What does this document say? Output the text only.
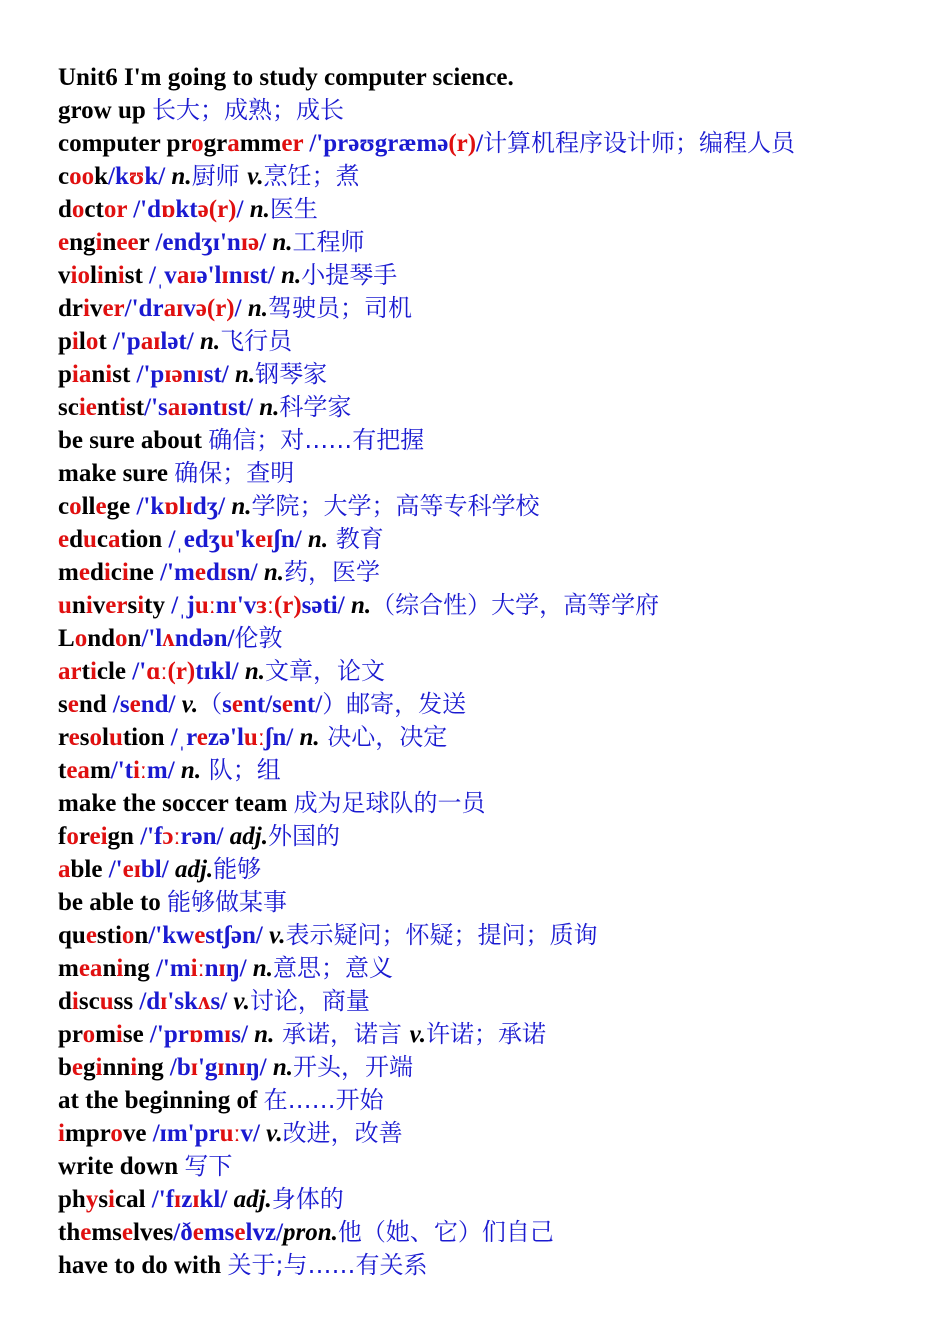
Unit6 I'm going to study computer science.
grow up 长大；成熟；成长
computer programmer /'prəʊgræmə(r)/计算机程序设计师；编程人员
cook/kʊk/ n.厨师 v.烹饪；煮
doctor /'dɒktə(r)/ n.医生
engineer /endʒɪ'nɪə/ n.工程师
violinist /ˌvaɪə'lɪnɪst/ n.小提琴手
driver/'draɪvə(r)/ n.驾驶员；司机
pilot /'paɪlət/ n.飞行员
pianist /'pɪənɪst/ n.钢琴家
scientist/'saɪəntɪst/ n.科学家
be sure about 确信；对……有把握
make sure 确保；查明
college /'kɒlɪdʒ/ n.学院；大学；高等专科学校
education /ˌedʒu'keɪʃn/ n. 教育
medicine /'medɪsn/ n.药，医学
university /ˌjuːnɪ'vɜː(r)səti/ n.（综合性）大学，高等学府
London/'lʌndən/伦敦
article /'ɑː(r)tɪkl/ n.文章，论文
send /send/ v.（sent/sent/）邮寄，发送
resolution /ˌrezə'luːʃn/ n. 决心，决定
team/'tiːm/ n. 队；组
make the soccer team 成为足球队的一员
foreign /'fɔːrən/ adj.外国的
able /'eɪbl/ adj.能够
be able to 能够做某事
question/'kwestʃən/ v.表示疑问；怀疑；提问；质询
meaning /'miːnɪŋ/ n.意思；意义
discuss /dɪ'skʌs/ v.讨论，商量
promise /'prɒmɪs/ n. 承诺，诺言 v.许诺；承诺
beginning /bɪ'gɪnɪŋ/ n.开头，开端
at the beginning of 在……开始
improve /ɪm'pruːv/ v.改进，改善
write down 写下
physical /'fɪzɪkl/ adj.身体的
themselves/ðemselvz/pron.他（她、它）们自己
have to do with 关于;与……有关系
